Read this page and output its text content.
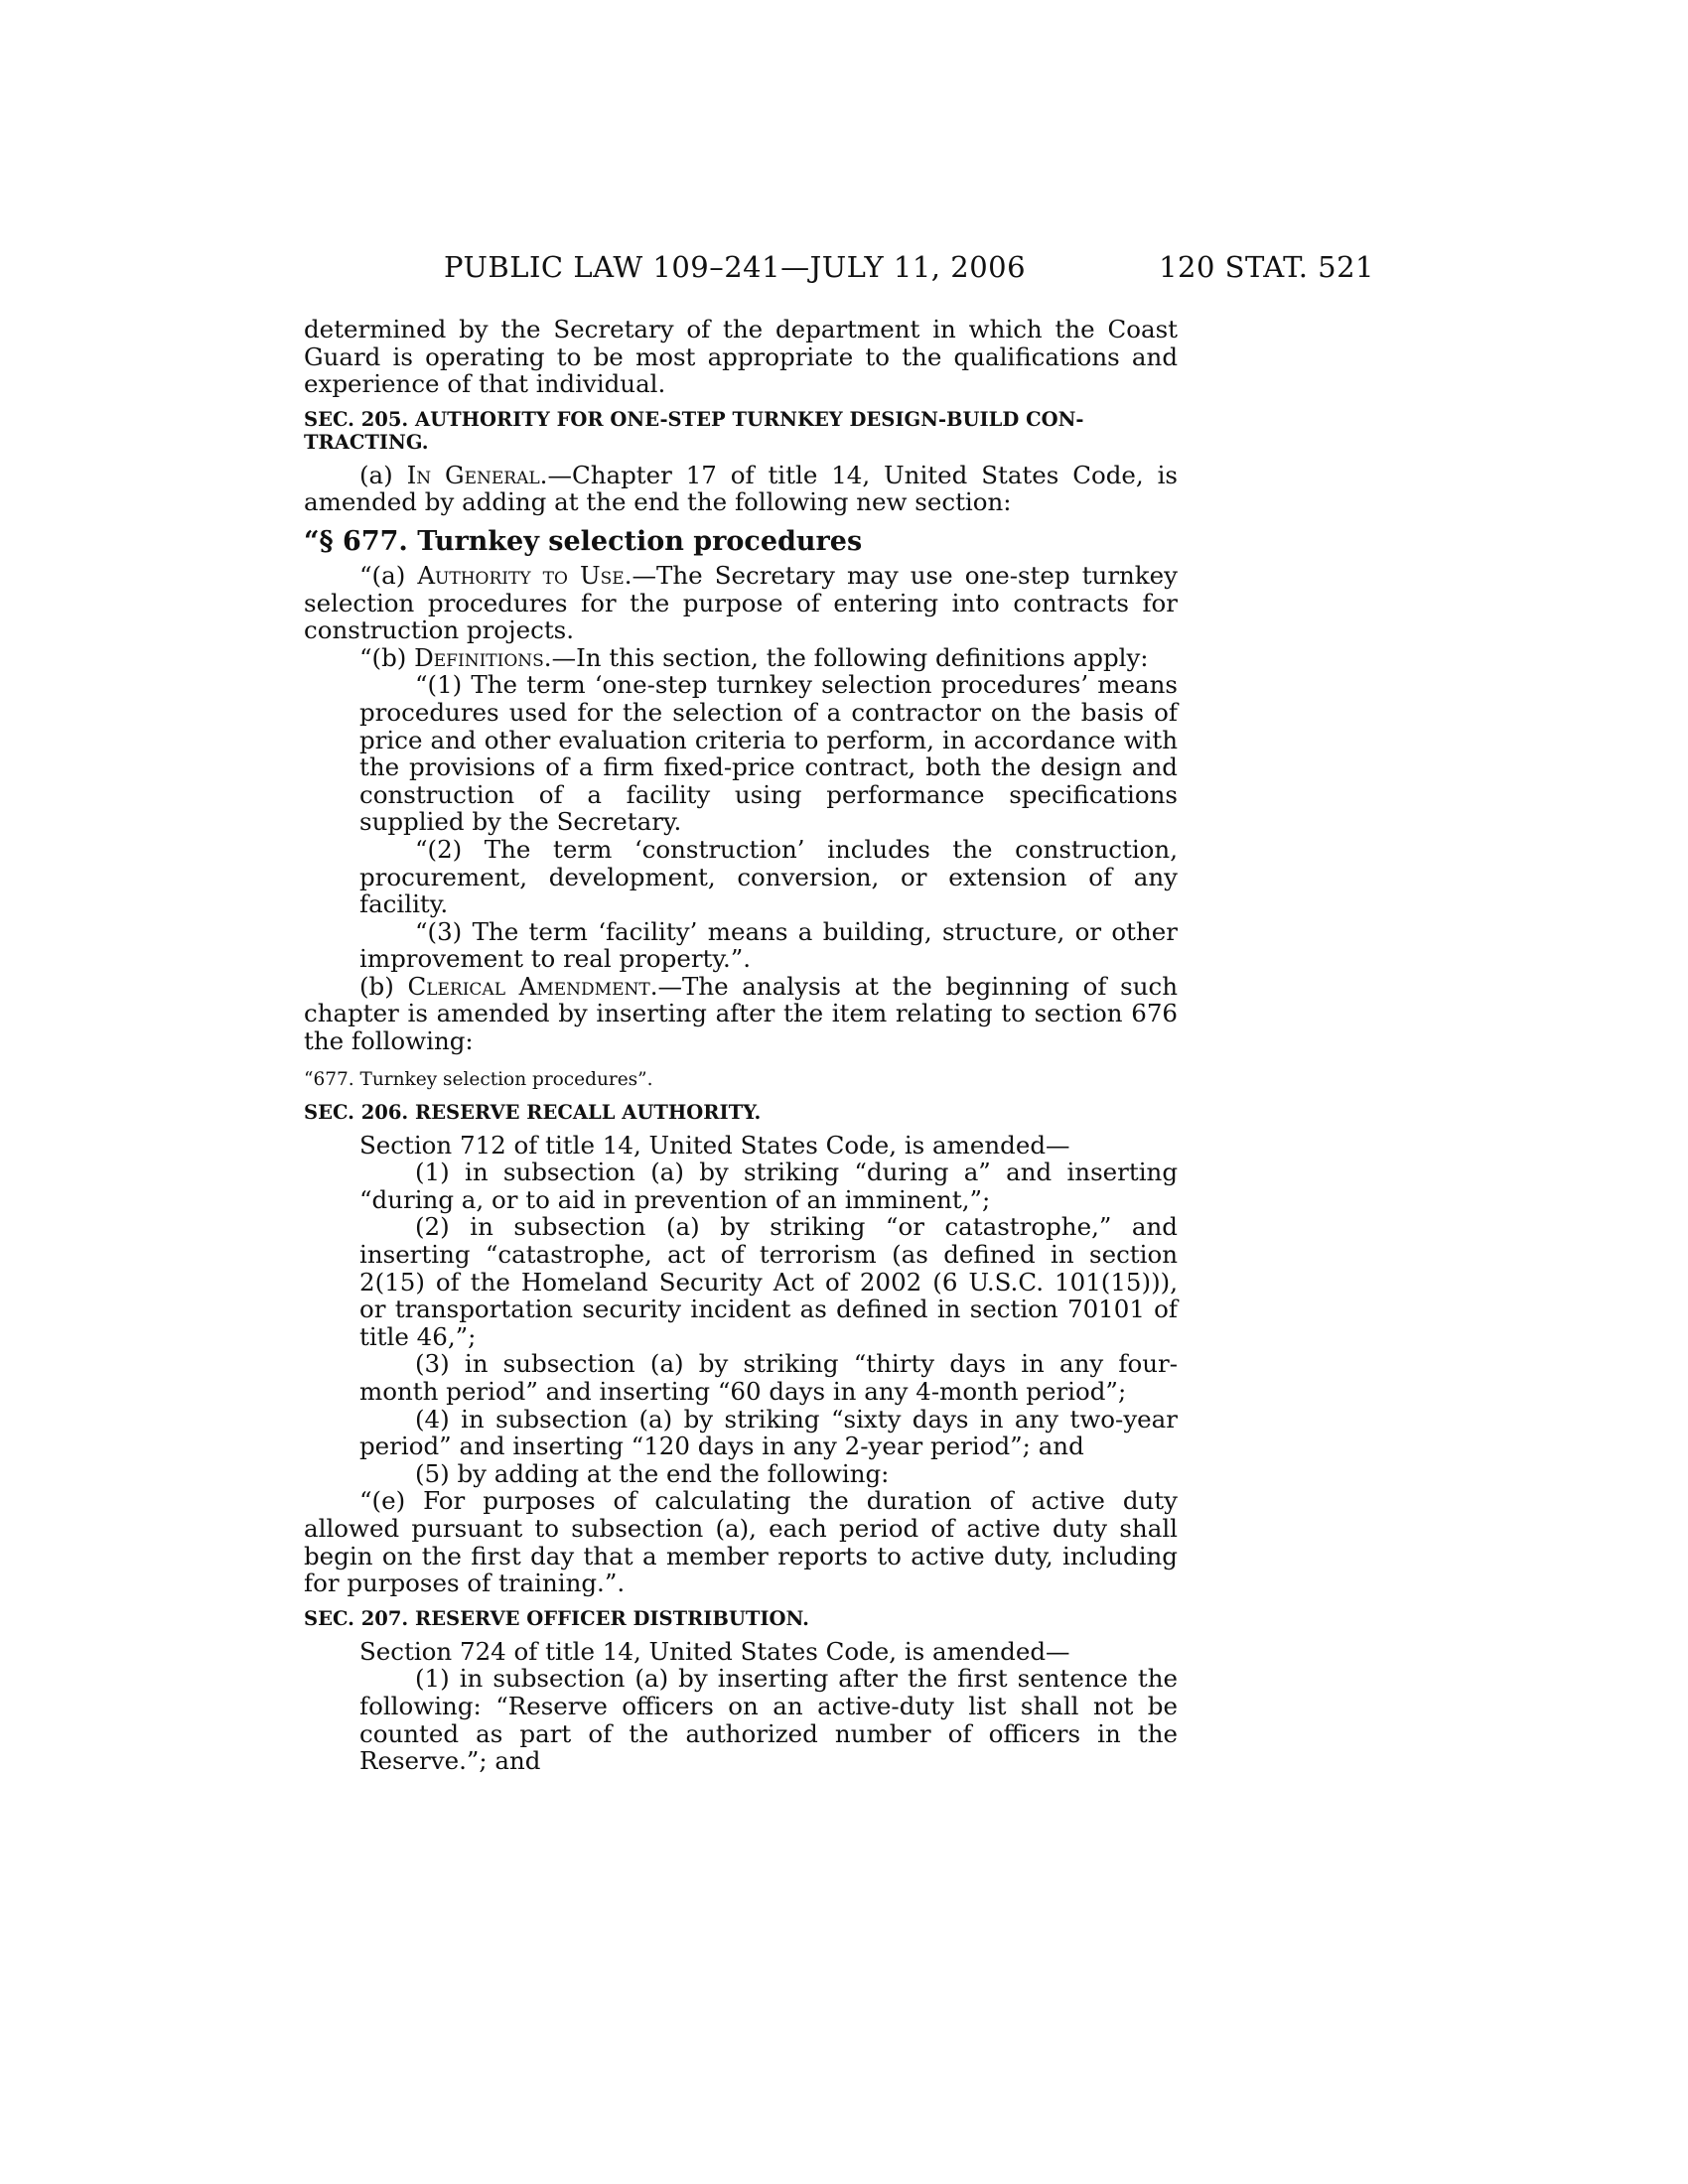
PUBLIC LAW 109–241—JULY 11, 2006	120 STAT. 521

determined by the Secretary of the department in which the Coast Guard is operating to be most appropriate to the qualifications and experience of that individual.

SEC. 205. AUTHORITY FOR ONE-STEP TURNKEY DESIGN-BUILD CON-
TRACTING.

(a) In General.—Chapter 17 of title 14, United States Code, is amended by adding at the end the following new section:

“§ 677. Turnkey selection procedures

“(a) Authority to Use.—The Secretary may use one-step turnkey selection procedures for the purpose of entering into contracts for construction projects.

“(b) Definitions.—In this section, the following definitions apply:

“(1) The term ‘one-step turnkey selection procedures’ means procedures used for the selection of a contractor on the basis of price and other evaluation criteria to perform, in accordance with the provisions of a firm fixed-price contract, both the design and construction of a facility using performance specifications supplied by the Secretary.

“(2) The term ‘construction’ includes the construction, procurement, development, conversion, or extension of any facility.

“(3) The term ‘facility’ means a building, structure, or other improvement to real property.”.

(b) Clerical Amendment.—The analysis at the beginning of such chapter is amended by inserting after the item relating to section 676 the following:

“677. Turnkey selection procedures”.

SEC. 206. RESERVE RECALL AUTHORITY.

Section 712 of title 14, United States Code, is amended—

(1) in subsection (a) by striking “during a” and inserting “during a, or to aid in prevention of an imminent,”;

(2) in subsection (a) by striking “or catastrophe,” and inserting “catastrophe, act of terrorism (as defined in section 2(15) of the Homeland Security Act of 2002 (6 U.S.C. 101(15))), or transportation security incident as defined in section 70101 of title 46,”;

(3) in subsection (a) by striking “thirty days in any four-month period” and inserting “60 days in any 4-month period”;

(4) in subsection (a) by striking “sixty days in any two-year period” and inserting “120 days in any 2-year period”; and

(5) by adding at the end the following:

“(e) For purposes of calculating the duration of active duty allowed pursuant to subsection (a), each period of active duty shall begin on the first day that a member reports to active duty, including for purposes of training.”.

SEC. 207. RESERVE OFFICER DISTRIBUTION.

Section 724 of title 14, United States Code, is amended—

(1) in subsection (a) by inserting after the first sentence the following: “Reserve officers on an active-duty list shall not be counted as part of the authorized number of officers in the Reserve.”; and
